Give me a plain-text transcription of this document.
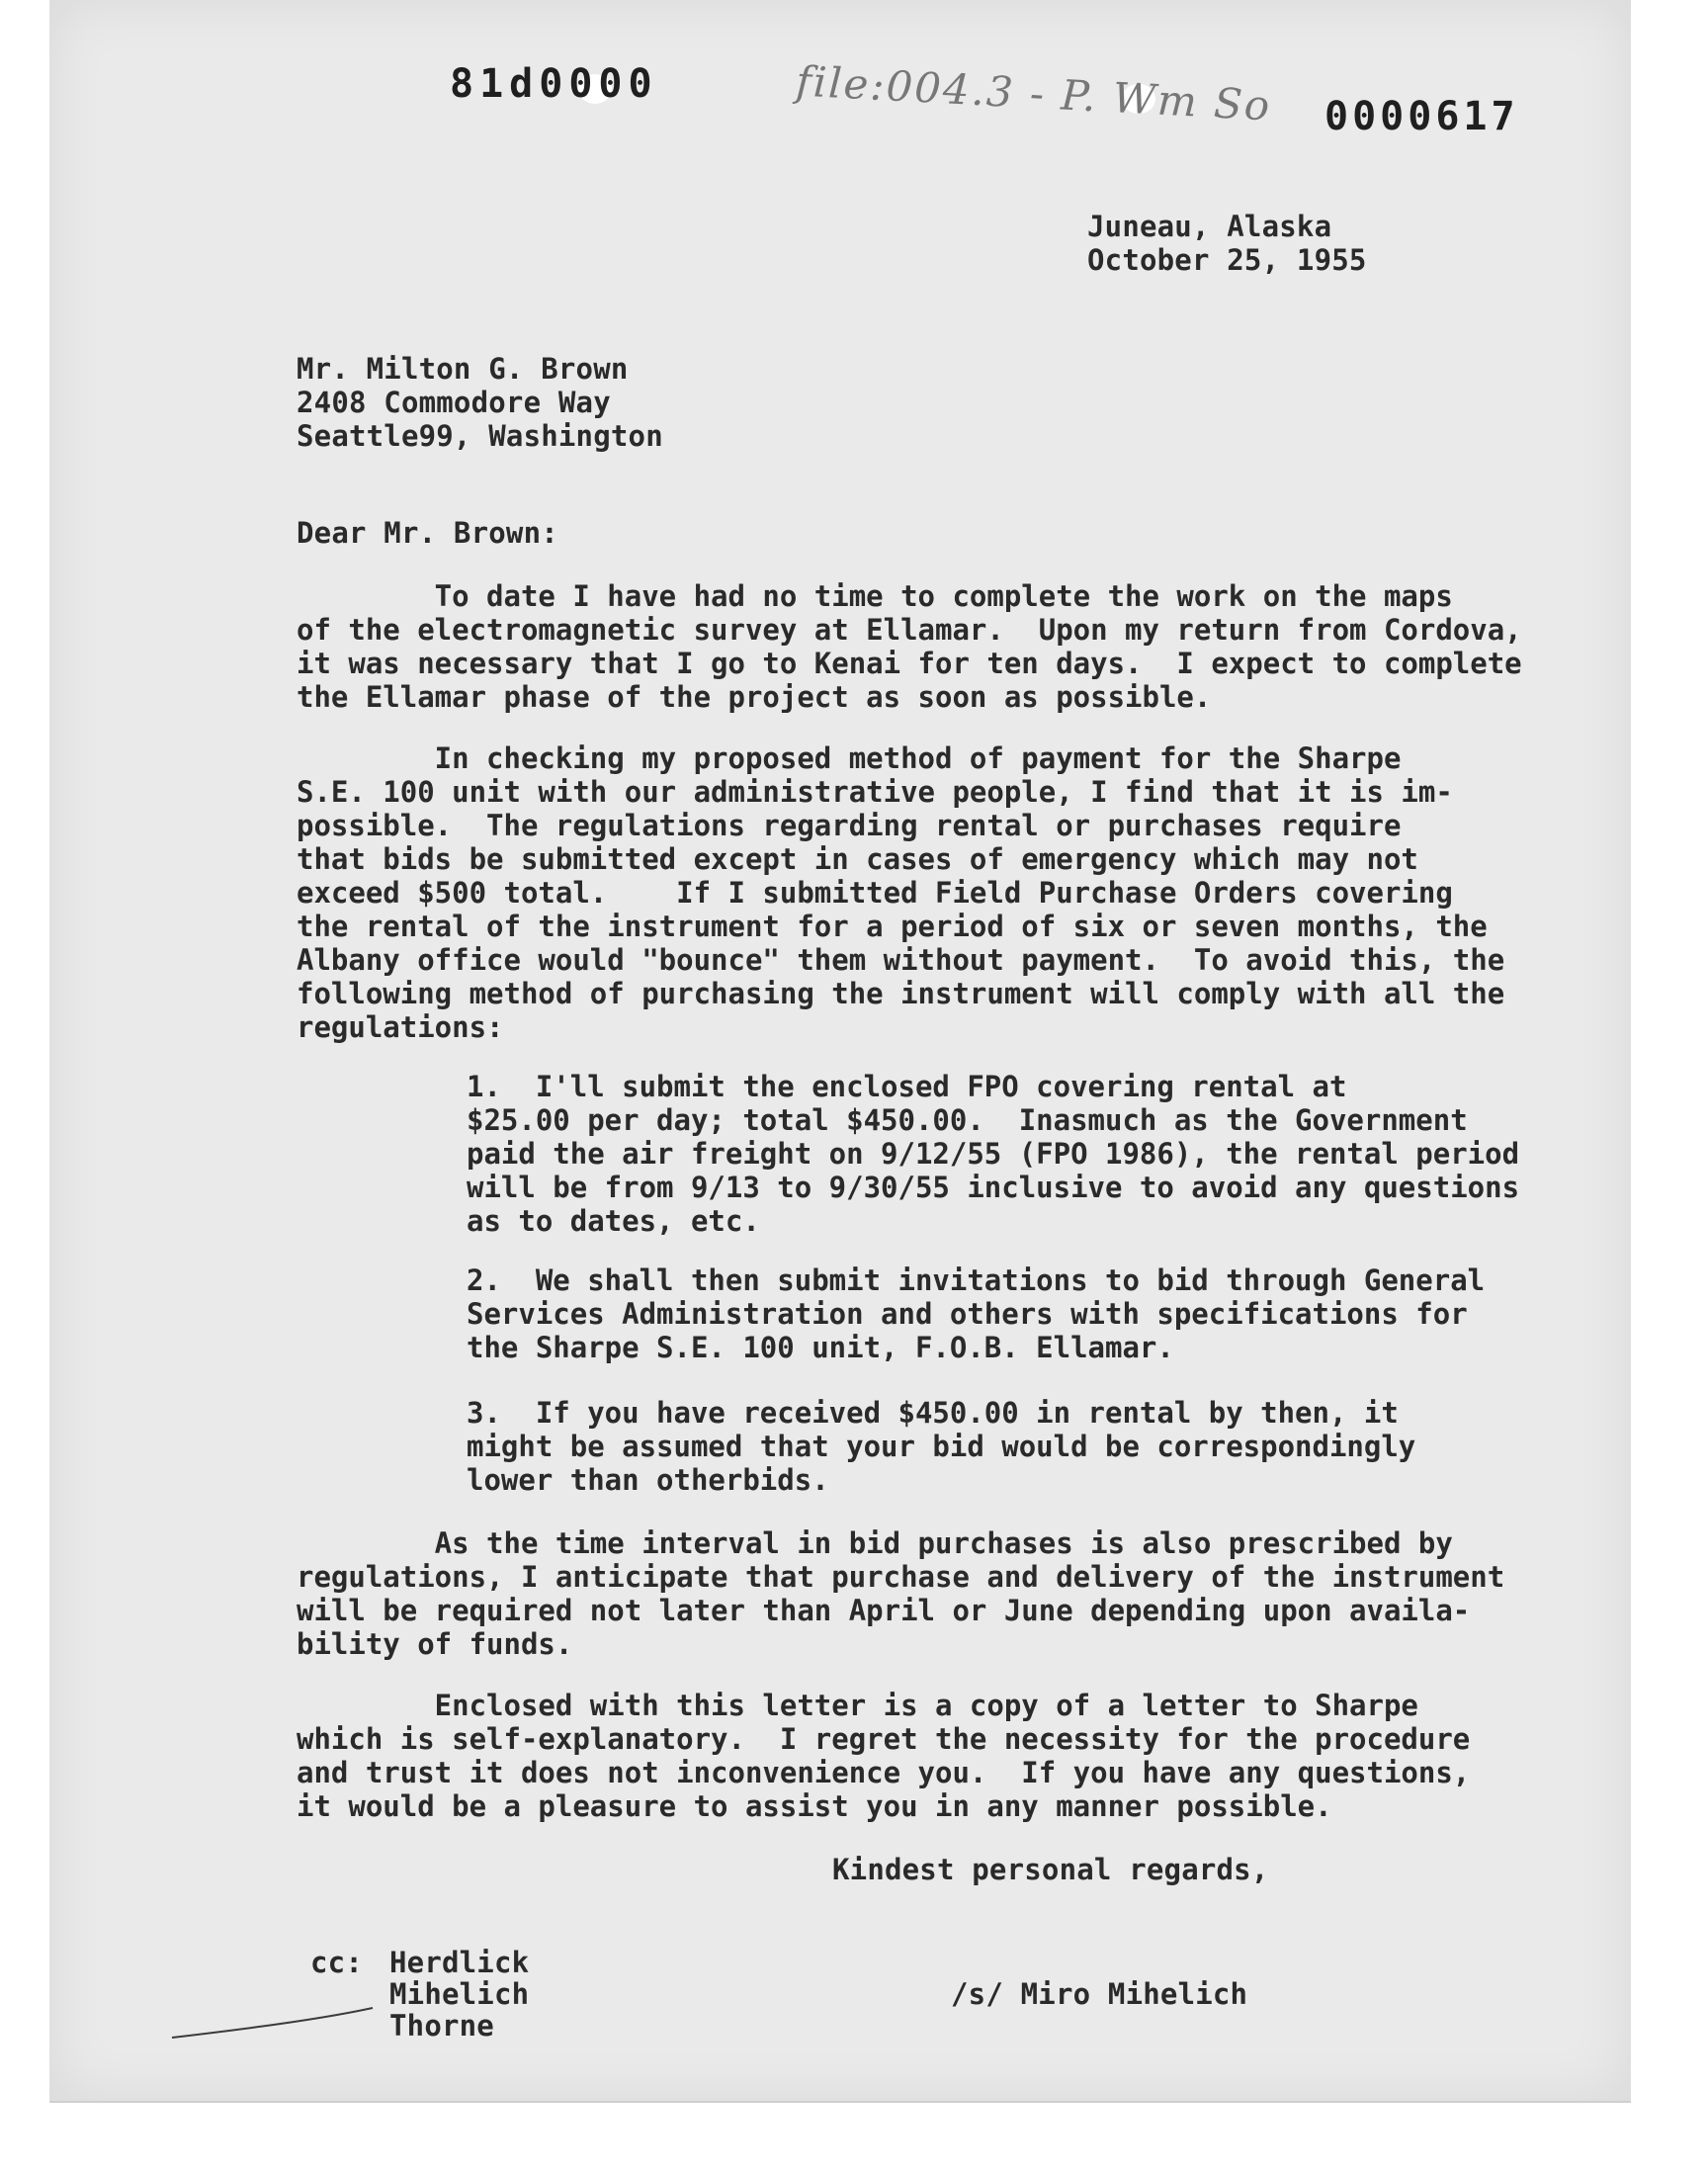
81d0000	file:004.3 - P. Wm So 0000617
Juneau, Alaska
October 25, 1955
Mr. Milton G. Brown
2408 Commodore Way
Seattle99, Washington
Dear Mr. Brown:
To date I have had no time to complete the work on the maps
of the electromagnetic survey at Ellamar.  Upon my return from Cordova,
it was necessary that I go to Kenai for ten days.  I expect to complete
the Ellamar phase of the project as soon as possible.
In checking my proposed method of payment for the Sharpe
S.E. 100 unit with our administrative people, I find that it is im-
possible.  The regulations regarding rental or purchases require
that bids be submitted except in cases of emergency which may not
exceed $500 total.    If I submitted Field Purchase Orders covering
the rental of the instrument for a period of six or seven months, the
Albany office would "bounce" them without payment.  To avoid this, the
following method of purchasing the instrument will comply with all the
regulations:
1.  I'll submit the enclosed FPO covering rental at
$25.00 per day; total $450.00.  Inasmuch as the Government
paid the air freight on 9/12/55 (FPO 1986), the rental period
will be from 9/13 to 9/30/55 inclusive to avoid any questions
as to dates, etc.
2.  We shall then submit invitations to bid through General
Services Administration and others with specifications for
the Sharpe S.E. 100 unit, F.O.B. Ellamar.
3.  If you have received $450.00 in rental by then, it
might be assumed that your bid would be correspondingly
lower than otherbids.
As the time interval in bid purchases is also prescribed by
regulations, I anticipate that purchase and delivery of the instrument
will be required not later than April or June depending upon availa-
bility of funds.
Enclosed with this letter is a copy of a letter to Sharpe
which is self-explanatory.  I regret the necessity for the procedure
and trust it does not inconvenience you.  If you have any questions,
it would be a pleasure to assist you in any manner possible.
Kindest personal regards,
cc: Herdlick
Mihelich
Thorne
/s/ Miro Mihelich
